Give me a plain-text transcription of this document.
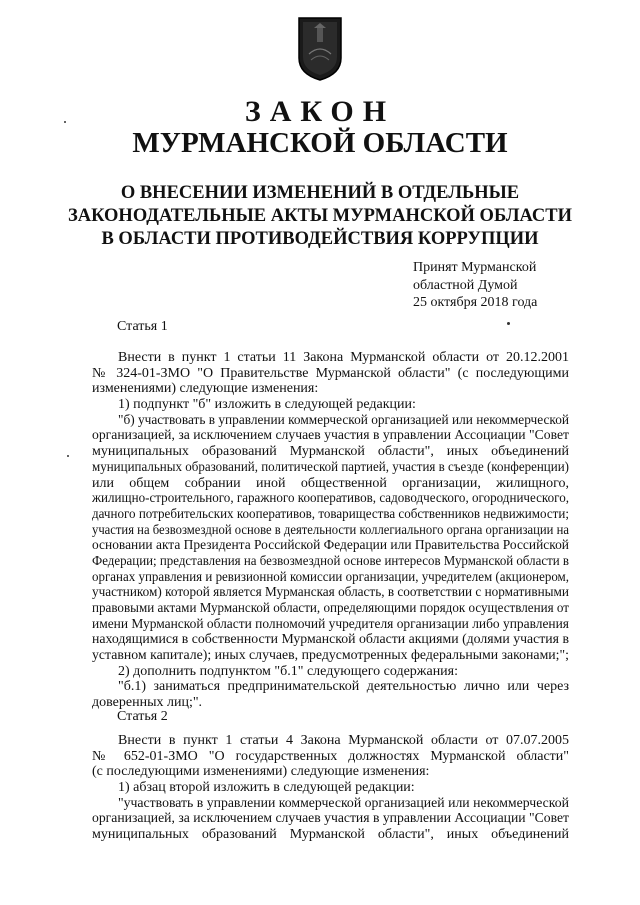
ЗАКОН
МУРМАНСКОЙ ОБЛАСТИ
О ВНЕСЕНИИ ИЗМЕНЕНИЙ В ОТДЕЛЬНЫЕ
ЗАКОНОДАТЕЛЬНЫЕ АКТЫ МУРМАНСКОЙ ОБЛАСТИ
В ОБЛАСТИ ПРОТИВОДЕЙСТВИЯ КОРРУПЦИИ
Принят Мурманской
областной Думой
25 октября 2018 года
Статья 1
Внести в пункт 1 статьи 11 Закона Мурманской области от 20.12.2001
№ 324-01-ЗМО "О Правительстве Мурманской области" (с последующими
изменениями) следующие изменения:
1) подпункт "б" изложить в следующей редакции:
"б) участвовать в управлении коммерческой организацией или некоммерческой
организацией, за исключением случаев участия в управлении Ассоциации "Совет
муниципальных образований Мурманской области", иных объединений
муниципальных образований, политической партией, участия в съезде (конференции)
или общем собрании иной общественной организации, жилищного,
жилищно-строительного, гаражного кооперативов, садоводческого, огороднического,
дачного потребительских кооперативов, товарищества собственников недвижимости;
участия на безвозмездной основе в деятельности коллегиального органа организации на
основании акта Президента Российской Федерации или Правительства Российской
Федерации; представления на безвозмездной основе интересов Мурманской области в
органах управления и ревизионной комиссии организации, учредителем (акционером,
участником) которой является Мурманская область, в соответствии с нормативными
правовыми актами Мурманской области, определяющими порядок осуществления от
имени Мурманской области полномочий учредителя организации либо управления
находящимися в собственности Мурманской области акциями (долями участия в
уставном капитале); иных случаев, предусмотренных федеральными законами;";
2) дополнить подпунктом "б.1" следующего содержания:
"б.1) заниматься предпринимательской деятельностью лично или через
доверенных лиц;".
Статья 2
Внести в пункт 1 статьи 4 Закона Мурманской области от 07.07.2005
№ 652-01-ЗМО "О государственных должностях Мурманской области"
(с последующими изменениями) следующие изменения:
1) абзац второй изложить в следующей редакции:
"участвовать в управлении коммерческой организацией или некоммерческой
организацией, за исключением случаев участия в управлении Ассоциации "Совет
муниципальных образований Мурманской области", иных объединений
